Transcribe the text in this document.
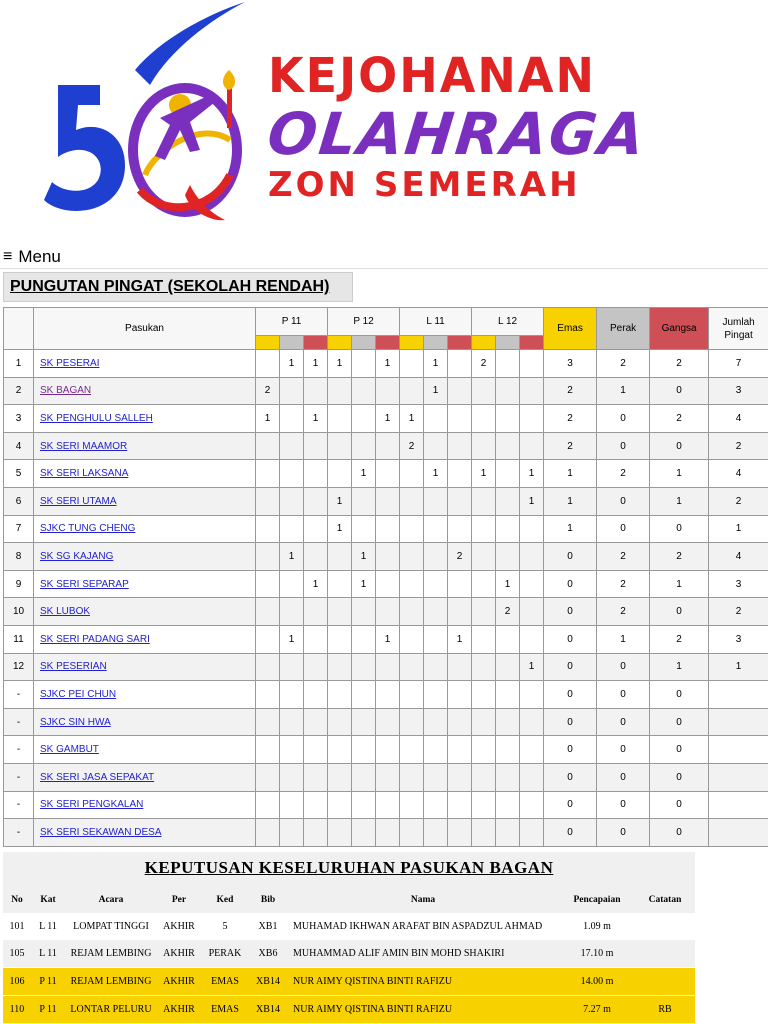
KEJOHANAN
OLAHRAGA
ZON SEMERAH
≡ Menu
PUNGUTAN PINGAT (SEKOLAH RENDAH)
	Pasukan	P 11			P 12			L 11			L 12			Emas	Perak	Gangsa	Jumlah Pingat

1	SK PESERAI		1	1	1		1		1		2			3	2	2	7
2	SK BAGAN	2							1					2	1	0	3
3	SK PENGHULU SALLEH	1		1			1	1						2	0	2	4
4	SK SERI MAAMOR							2						2	0	0	2
5	SK SERI LAKSANA					1			1		1		1	1	2	1	4
6	SK SERI UTAMA				1								1	1	0	1	2
7	SJKC TUNG CHENG				1									1	0	0	1
8	SK SG KAJANG		1			1				2				0	2	2	4
9	SK SERI SEPARAP			1		1						1		0	2	1	3
10	SK LUBOK											2		0	2	0	2
11	SK SERI PADANG SARI		1				1			1				0	1	2	3
12	SK PESERIAN												1	0	0	1	1
-	SJKC PEI CHUN													0	0	0	
-	SJKC SIN HWA													0	0	0	
-	SK GAMBUT													0	0	0	
-	SK SERI JASA SEPAKAT													0	0	0	
-	SK SERI PENGKALAN													0	0	0	
-	SK SERI SEKAWAN DESA													0	0	0	
KEPUTUSAN KESELURUHAN PASUKAN BAGAN
No	Kat	Acara	Per	Ked	Bib	Nama	Pencapaian	Catatan
101	L 11	LOMPAT TINGGI	AKHIR	5	XB1	MUHAMAD IKHWAN ARAFAT BIN ASPADZUL AHMAD	1.09 m	
105	L 11	REJAM LEMBING	AKHIR	PERAK	XB6	MUHAMMAD ALIF AMIN BIN MOHD SHAKIRI	17.10 m	
106	P 11	REJAM LEMBING	AKHIR	EMAS	XB14	NUR AIMY QISTINA BINTI RAFIZU	14.00 m	
110	P 11	LONTAR PELURU	AKHIR	EMAS	XB14	NUR AIMY QISTINA BINTI RAFIZU	7.27 m	RB
